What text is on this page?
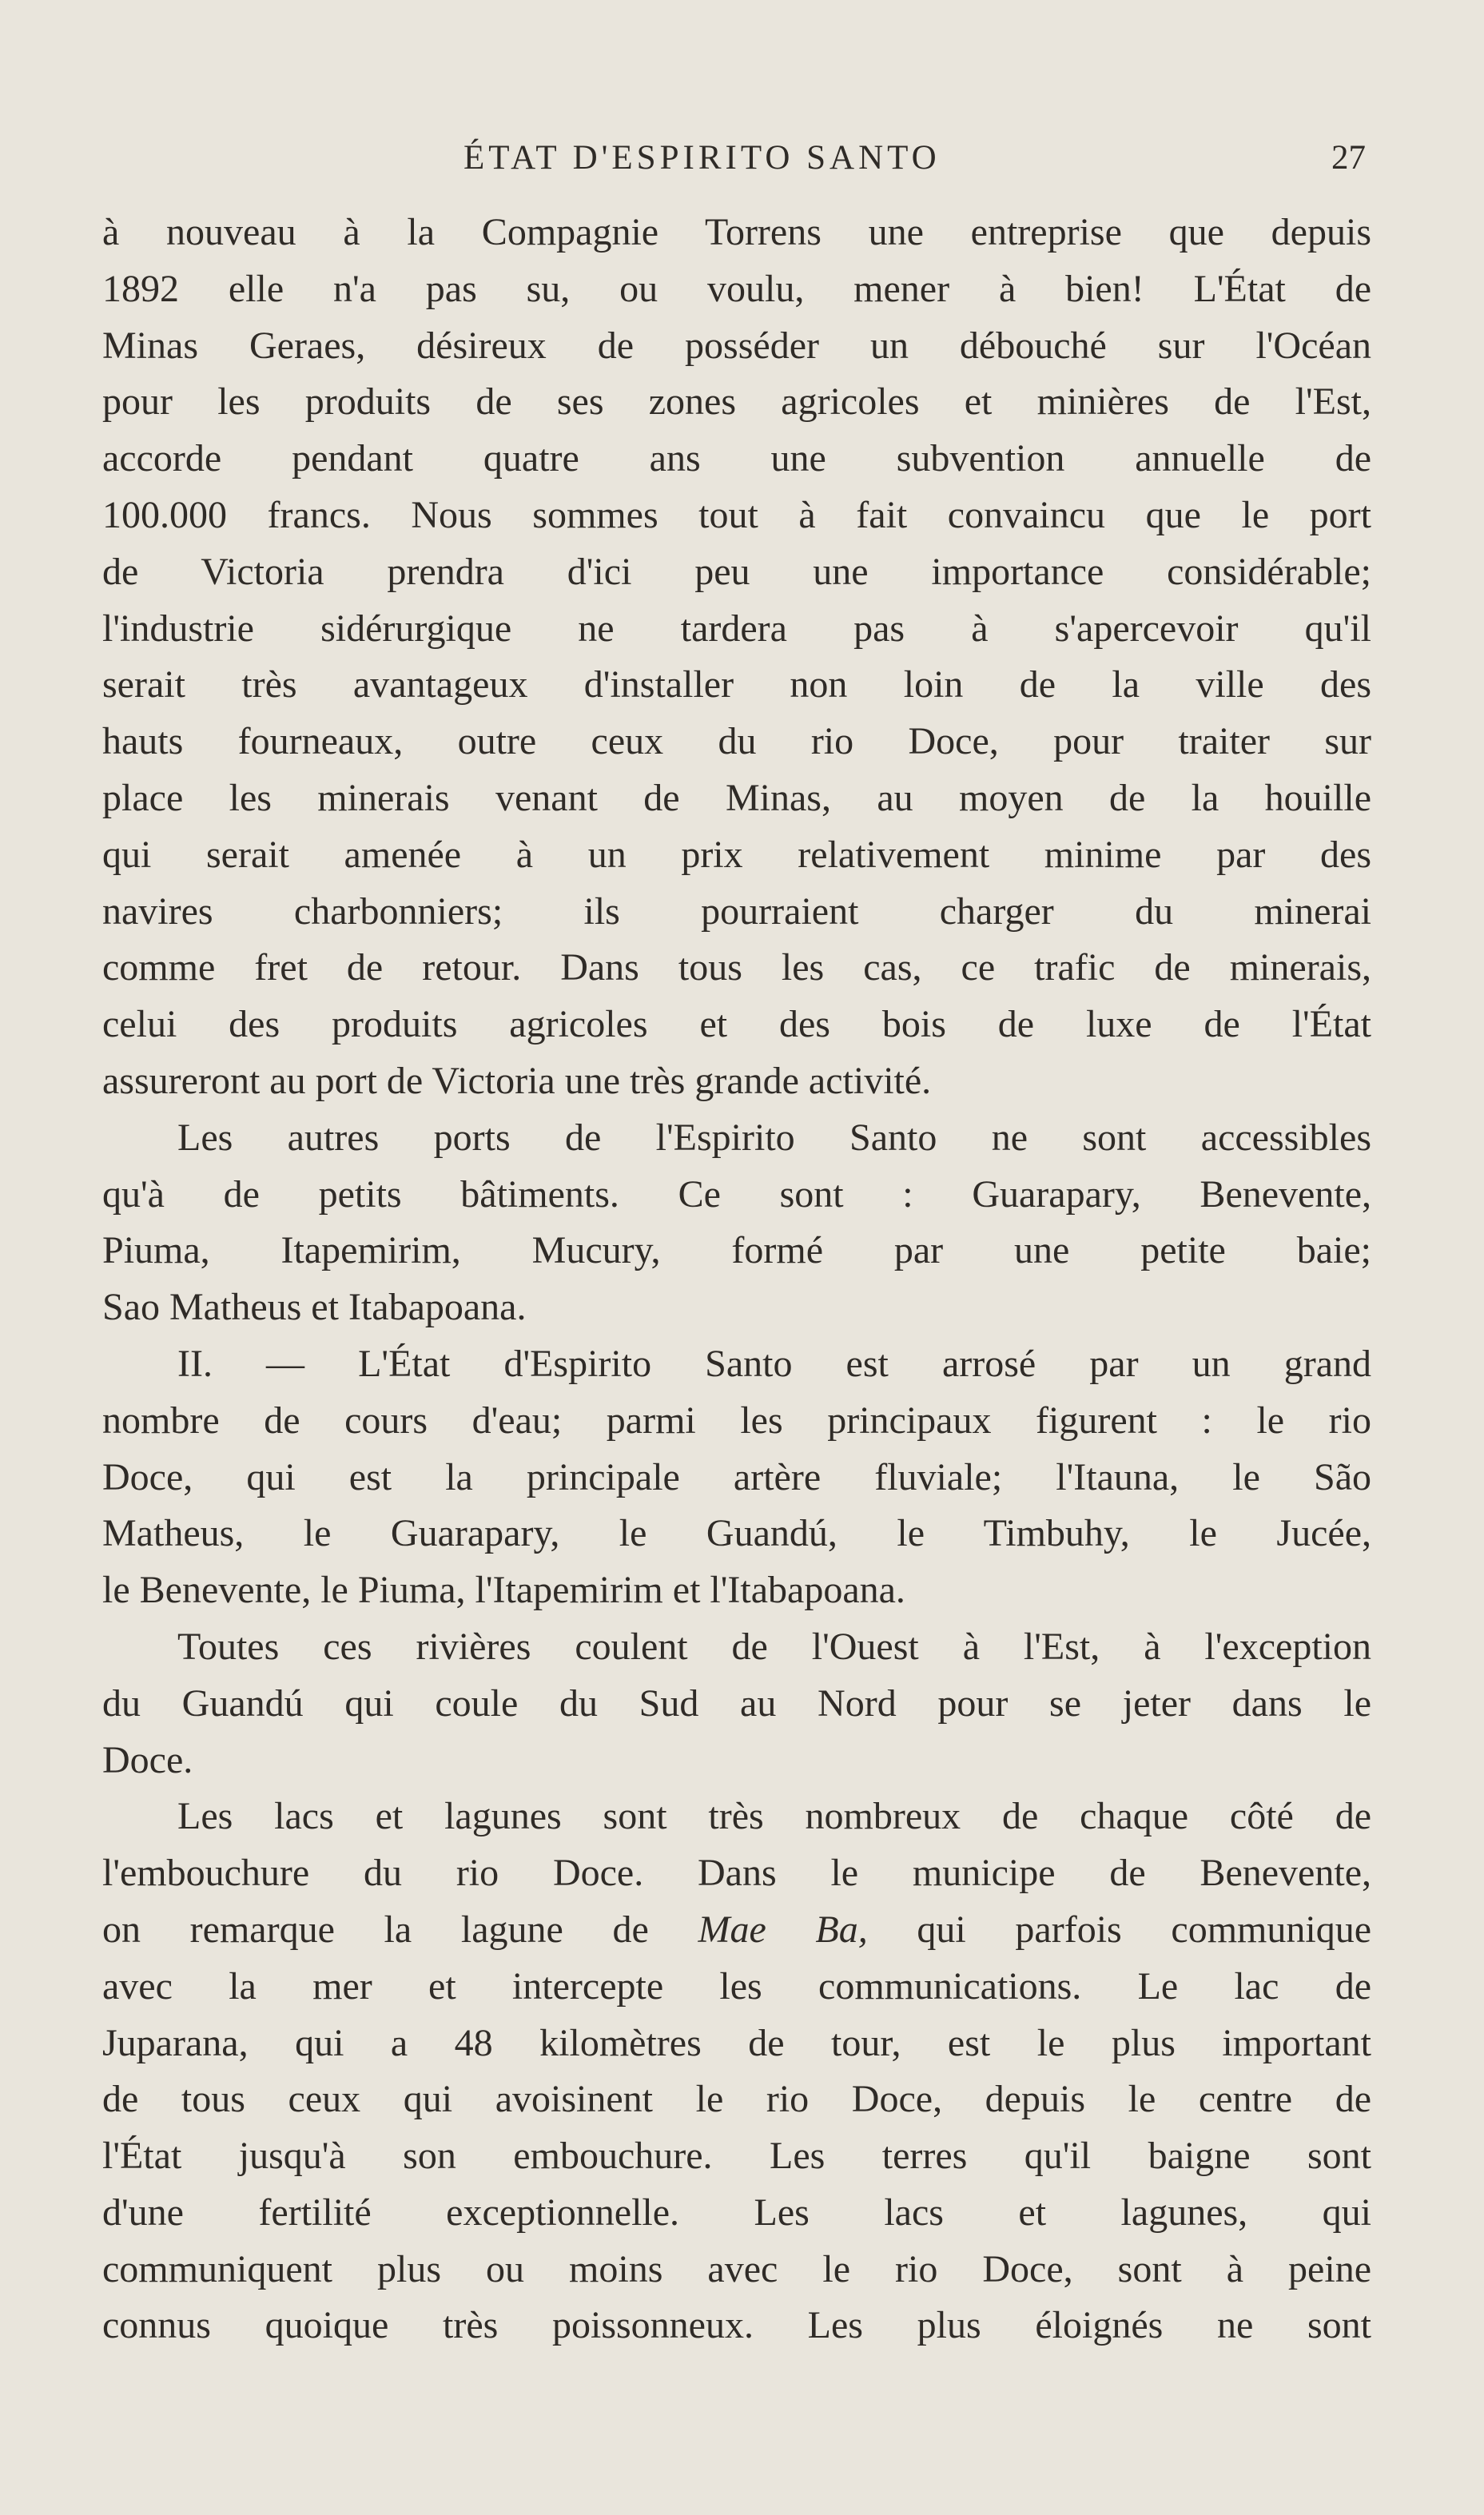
ÉTAT D'ESPIRITO SANTO	27
à nouveau à la Compagnie Torrens une entreprise que depuis
1892 elle n'a pas su, ou voulu, mener à bien! L'État de
Minas Geraes, désireux de posséder un débouché sur l'Océan
pour les produits de ses zones agricoles et minières de l'Est,
accorde pendant quatre ans une subvention annuelle de
100.000 francs. Nous sommes tout à fait convaincu que le port
de Victoria prendra d'ici peu une importance considérable;
l'industrie sidérurgique ne tardera pas à s'apercevoir qu'il
serait très avantageux d'installer non loin de la ville des
hauts fourneaux, outre ceux du rio Doce, pour traiter sur
place les minerais venant de Minas, au moyen de la houille
qui serait amenée à un prix relativement minime par des
navires charbonniers; ils pourraient charger du minerai
comme fret de retour. Dans tous les cas, ce trafic de minerais,
celui des produits agricoles et des bois de luxe de l'État
assureront au port de Victoria une très grande activité.
Les autres ports de l'Espirito Santo ne sont accessibles
qu'à de petits bâtiments. Ce sont : Guarapary, Benevente,
Piuma, Itapemirim, Mucury, formé par une petite baie;
Sao Matheus et Itabapoana.
II. — L'État d'Espirito Santo est arrosé par un grand
nombre de cours d'eau; parmi les principaux figurent : le rio
Doce, qui est la principale artère fluviale; l'Itauna, le São
Matheus, le Guarapary, le Guandú, le Timbuhy, le Jucée,
le Benevente, le Piuma, l'Itapemirim et l'Itabapoana.
Toutes ces rivières coulent de l'Ouest à l'Est, à l'exception
du Guandú qui coule du Sud au Nord pour se jeter dans le
Doce.
Les lacs et lagunes sont très nombreux de chaque côté de
l'embouchure du rio Doce. Dans le municipe de Benevente,
on remarque la lagune de Mae Ba, qui parfois communique
avec la mer et intercepte les communications. Le lac de
Juparana, qui a 48 kilomètres de tour, est le plus important
de tous ceux qui avoisinent le rio Doce, depuis le centre de
l'État jusqu'à son embouchure. Les terres qu'il baigne sont
d'une fertilité exceptionnelle. Les lacs et lagunes, qui
communiquent plus ou moins avec le rio Doce, sont à peine
connus quoique très poissonneux. Les plus éloignés ne sont
